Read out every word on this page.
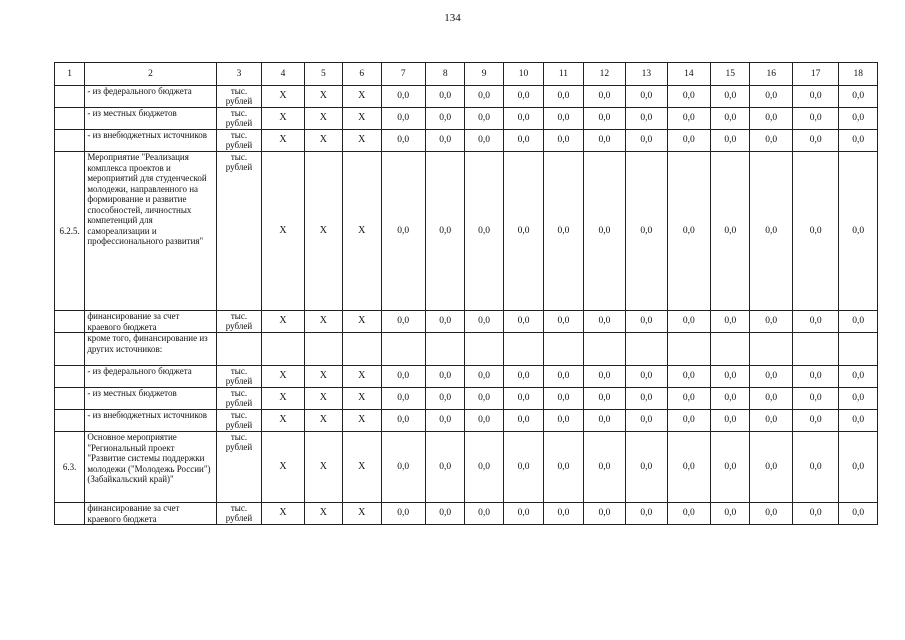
134
1	2	3	4	5	6	7	8	9	10	11	12	13	14	15	16	17	18
	- из федерального бюджета	тыс. рублей	X	X	X	0,0	0,0	0,0	0,0	0,0	0,0	0,0	0,0	0,0	0,0	0,0	0,0
	- из местных бюджетов	тыс. рублей	X	X	X	0,0	0,0	0,0	0,0	0,0	0,0	0,0	0,0	0,0	0,0	0,0	0,0
	- из внебюджетных источников	тыс. рублей	X	X	X	0,0	0,0	0,0	0,0	0,0	0,0	0,0	0,0	0,0	0,0	0,0	0,0
6.2.5.	Мероприятие "Реализация комплекса проектов и мероприятий для студенческой молодежи, направленного на формирование и развитие способностей, личностных компетенций для самореализации и профессионального развития"	тыс. рублей	X	X	X	0,0	0,0	0,0	0,0	0,0	0,0	0,0	0,0	0,0	0,0	0,0	0,0
	финансирование за счет краевого бюджета	тыс. рублей	X	X	X	0,0	0,0	0,0	0,0	0,0	0,0	0,0	0,0	0,0	0,0	0,0	0,0
	кроме того, финансирование из других источников:																
	- из федерального бюджета	тыс. рублей	X	X	X	0,0	0,0	0,0	0,0	0,0	0,0	0,0	0,0	0,0	0,0	0,0	0,0
	- из местных бюджетов	тыс. рублей	X	X	X	0,0	0,0	0,0	0,0	0,0	0,0	0,0	0,0	0,0	0,0	0,0	0,0
	- из внебюджетных источников	тыс. рублей	X	X	X	0,0	0,0	0,0	0,0	0,0	0,0	0,0	0,0	0,0	0,0	0,0	0,0
6.3.	Основное мероприятие "Региональный проект "Развитие системы поддержки молодежи ("Молодежь России") (Забайкальский край)"	тыс. рублей	X	X	X	0,0	0,0	0,0	0,0	0,0	0,0	0,0	0,0	0,0	0,0	0,0	0,0
	финансирование за счет краевого бюджета	тыс. рублей	X	X	X	0,0	0,0	0,0	0,0	0,0	0,0	0,0	0,0	0,0	0,0	0,0	0,0
